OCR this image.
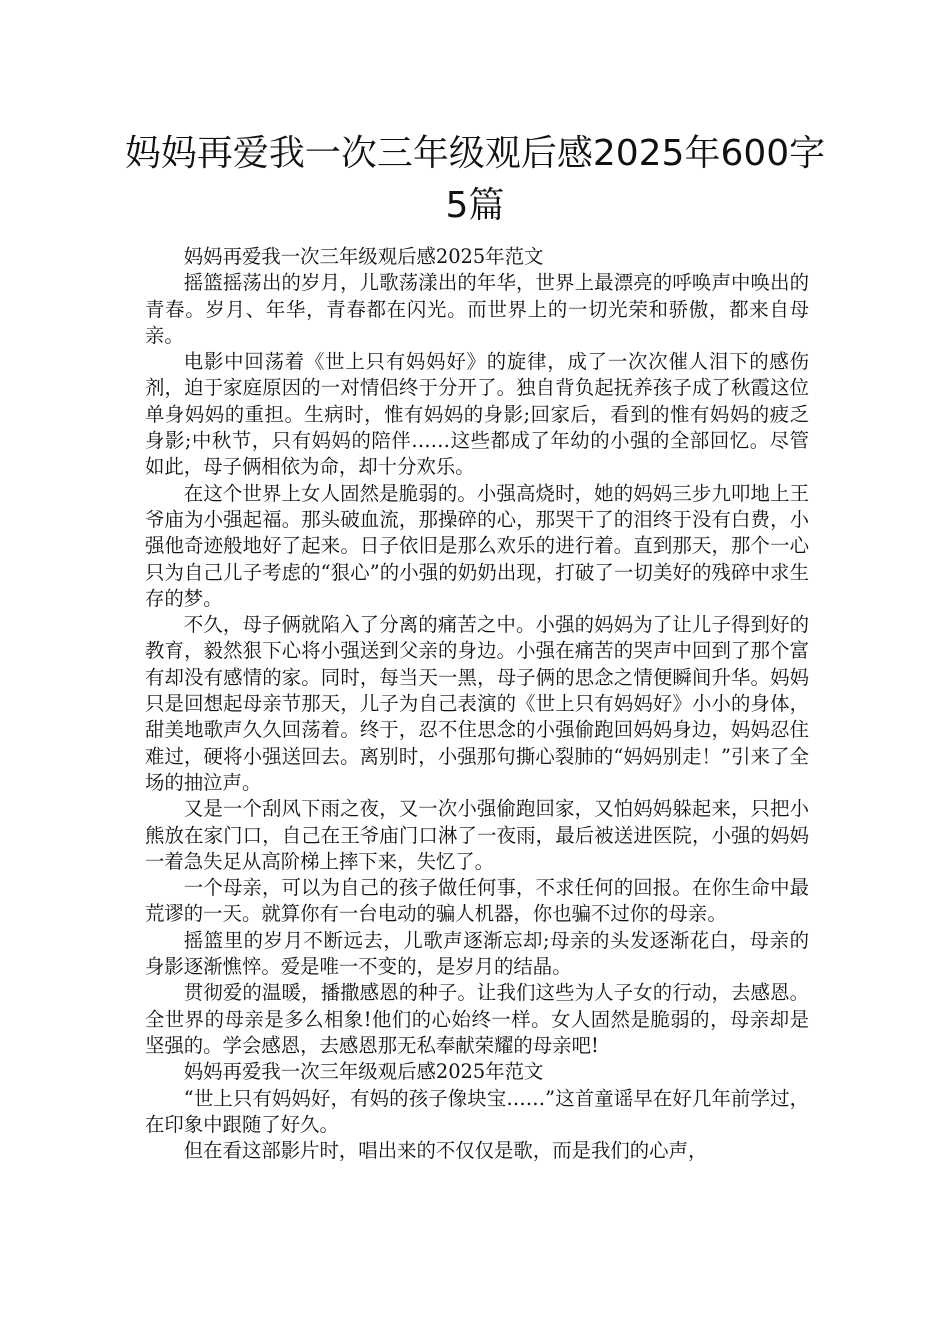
妈妈再爱我一次三年级观后感2025年600字5篇

妈妈再爱我一次三年级观后感2025年范文

摇篮摇荡出的岁月，儿歌荡漾出的年华，世界上最漂亮的呼唤声中唤出的青春。岁月、年华，青春都在闪光。而世界上的一切光荣和骄傲，都来自母亲。

电影中回荡着《世上只有妈妈好》的旋律，成了一次次催人泪下的感伤剂，迫于家庭原因的一对情侣终于分开了。独自背负起抚养孩子成了秋霞这位单身妈妈的重担。生病时，惟有妈妈的身影;回家后，看到的惟有妈妈的疲乏身影;中秋节，只有妈妈的陪伴……这些都成了年幼的小强的全部回忆。尽管如此，母子俩相依为命，却十分欢乐。

在这个世界上女人固然是脆弱的。小强高烧时，她的妈妈三步九叩地上王爷庙为小强起福。那头破血流，那操碎的心，那哭干了的泪终于没有白费，小强他奇迹般地好了起来。日子依旧是那么欢乐的进行着。直到那天，那个一心只为自己儿子考虑的“狠心”的小强的奶奶出现，打破了一切美好的残碎中求生存的梦。

不久，母子俩就陷入了分离的痛苦之中。小强的妈妈为了让儿子得到好的教育，毅然狠下心将小强送到父亲的身边。小强在痛苦的哭声中回到了那个富有却没有感情的家。同时，每当天一黑，母子俩的思念之情便瞬间升华。妈妈只是回想起母亲节那天，儿子为自己表演的《世上只有妈妈好》小小的身体，甜美地歌声久久回荡着。终于，忍不住思念的小强偷跑回妈妈身边，妈妈忍住难过，硬将小强送回去。离别时，小强那句撕心裂肺的“妈妈别走！”引来了全场的抽泣声。

又是一个刮风下雨之夜，又一次小强偷跑回家，又怕妈妈躲起来，只把小熊放在家门口，自己在王爷庙门口淋了一夜雨，最后被送进医院，小强的妈妈一着急失足从高阶梯上摔下来，失忆了。

一个母亲，可以为自己的孩子做任何事，不求任何的回报。在你生命中最荒谬的一天。就算你有一台电动的骗人机器，你也骗不过你的母亲。

摇篮里的岁月不断远去，儿歌声逐渐忘却;母亲的头发逐渐花白，母亲的身影逐渐憔悴。爱是唯一不变的，是岁月的结晶。

贯彻爱的温暖，播撒感恩的种子。让我们这些为人子女的行动，去感恩。全世界的母亲是多么相象!他们的心始终一样。女人固然是脆弱的，母亲却是坚强的。学会感恩，去感恩那无私奉献荣耀的母亲吧!

妈妈再爱我一次三年级观后感2025年范文

“世上只有妈妈好，有妈的孩子像块宝……”这首童谣早在好几年前学过，在印象中跟随了好久。

但在看这部影片时，唱出来的不仅仅是歌，而是我们的心声，
